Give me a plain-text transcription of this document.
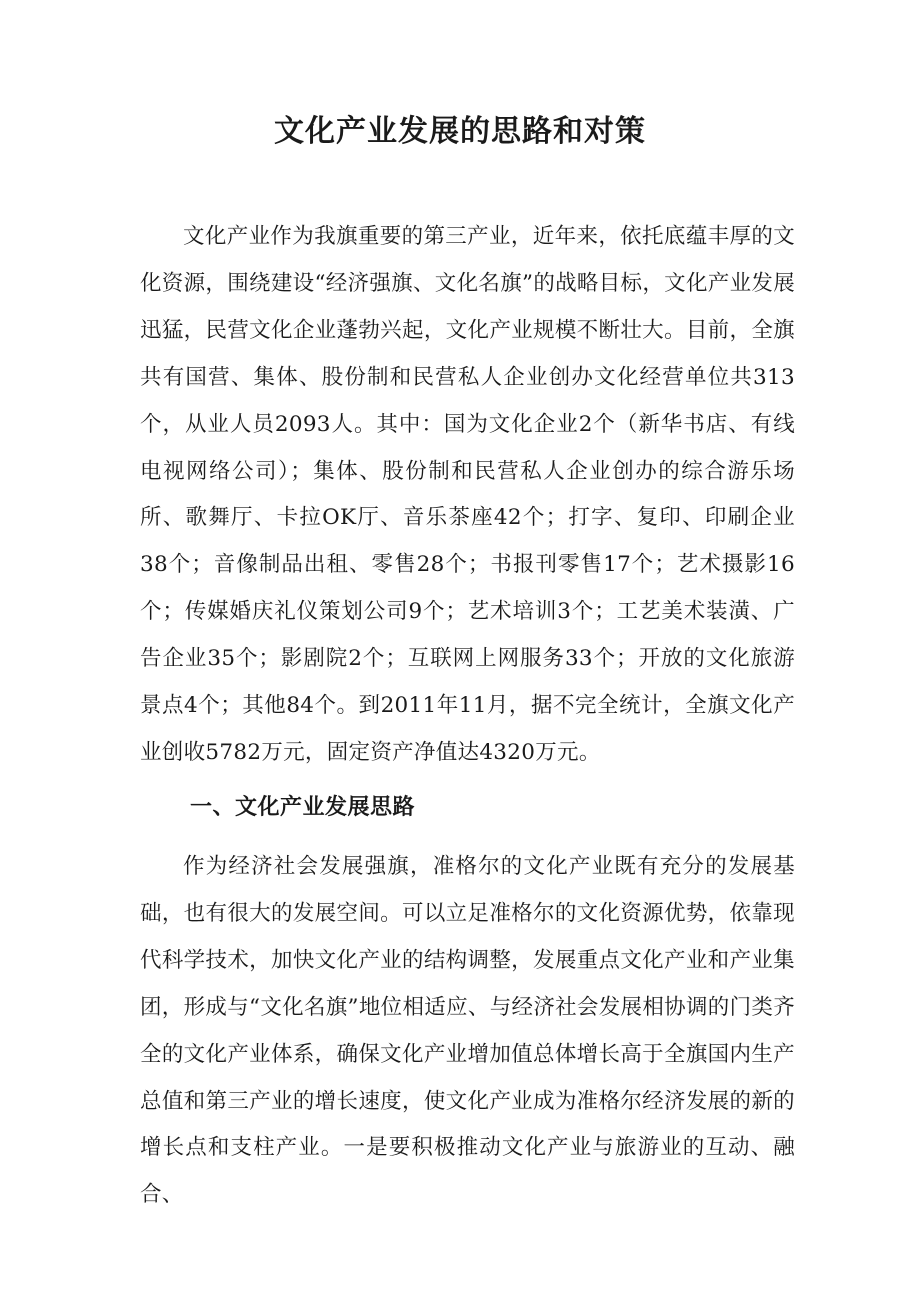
文化产业发展的思路和对策

文化产业作为我旗重要的第三产业，近年来，依托底蕴丰厚的文化资源，围绕建设“经济强旗、文化名旗”的战略目标，文化产业发展迅猛，民营文化企业蓬勃兴起，文化产业规模不断壮大。目前，全旗共有国营、集体、股份制和民营私人企业创办文化经营单位共313个，从业人员2093人。其中：国为文化企业2个（新华书店、有线电视网络公司）；集体、股份制和民营私人企业创办的综合游乐场所、歌舞厅、卡拉OK厅、音乐茶座42个；打字、复印、印刷企业38个；音像制品出租、零售28个；书报刊零售17个；艺术摄影16个；传媒婚庆礼仪策划公司9个；艺术培训3个；工艺美术装潢、广告企业35个；影剧院2个；互联网上网服务33个；开放的文化旅游景点4个；其他84个。到2011年11月，据不完全统计，全旗文化产业创收5782万元，固定资产净值达4320万元。

一、文化产业发展思路

作为经济社会发展强旗，准格尔的文化产业既有充分的发展基础，也有很大的发展空间。可以立足准格尔的文化资源优势，依靠现代科学技术，加快文化产业的结构调整，发展重点文化产业和产业集团，形成与“文化名旗”地位相适应、与经济社会发展相协调的门类齐全的文化产业体系，确保文化产业增加值总体增长高于全旗国内生产总值和第三产业的增长速度，使文化产业成为准格尔经济发展的新的增长点和支柱产业。一是要积极推动文化产业与旅游业的互动、融合、
